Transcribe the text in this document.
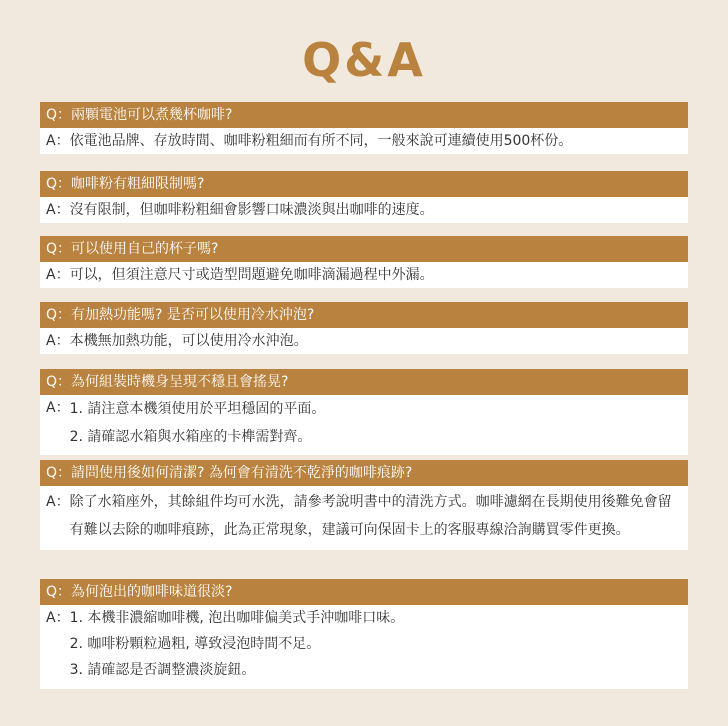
Q&A
Q：兩顆電池可以煮幾杯咖啡?
A： 依電池品牌、存放時間、咖啡粉粗細而有所不同，一般來說可連續使用500杯份。
Q：咖啡粉有粗細限制嗎?
A： 沒有限制，但咖啡粉粗細會影響口味濃淡與出咖啡的速度。
Q：可以使用自己的杯子嗎?
A： 可以，但須注意尺寸或造型問題避免咖啡滴漏過程中外漏。
Q：有加熱功能嗎? 是否可以使用冷水沖泡?
A： 本機無加熱功能，可以使用冷水沖泡。
Q：為何組裝時機身呈現不穩且會搖晃?
A： 1. 請注意本機須使用於平坦穩固的平面。
2. 請確認水箱與水箱座的卡榫需對齊。
Q：請問使用後如何清潔? 為何會有清洗不乾淨的咖啡痕跡?
A： 除了水箱座外，其餘組件均可水洗，請參考說明書中的清洗方式。咖啡濾網在長期使用後難免會留有難以去除的咖啡痕跡，此為正常現象，建議可向保固卡上的客服專線洽詢購買零件更換。
Q：為何泡出的咖啡味道很淡?
A： 1. 本機非濃縮咖啡機, 泡出咖啡偏美式手沖咖啡口味。
2. 咖啡粉顆粒過粗, 導致浸泡時間不足。
3. 請確認是否調整濃淡旋鈕。
